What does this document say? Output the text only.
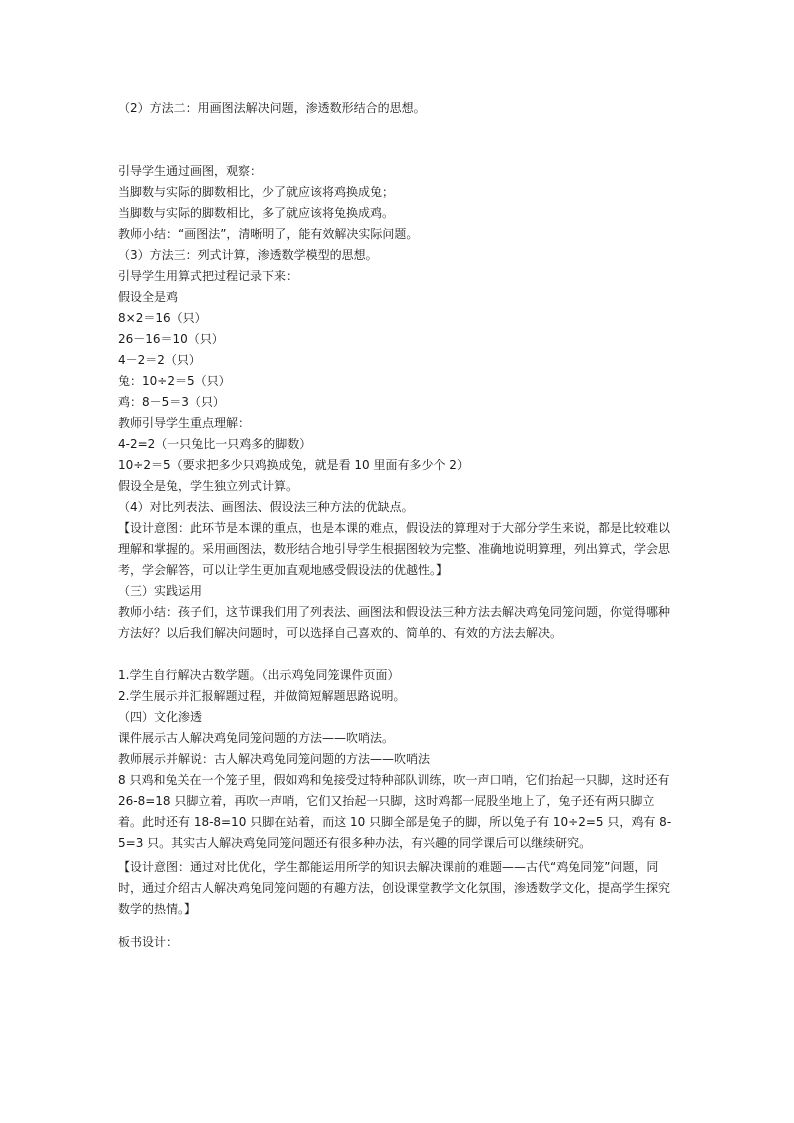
（2）方法二：用画图法解决问题，渗透数形结合的思想。
引导学生通过画图，观察：
当脚数与实际的脚数相比，少了就应该将鸡换成兔；
当脚数与实际的脚数相比，多了就应该将兔换成鸡。
教师小结：“画图法”，清晰明了，能有效解决实际问题。
（3）方法三：列式计算，渗透数学模型的思想。
引导学生用算式把过程记录下来：
假设全是鸡
8×2＝16（只）
26－16＝10（只）
4－2＝2（只）
兔：10÷2＝5（只）
鸡：8－5＝3（只）
教师引导学生重点理解：
4-2=2（一只兔比一只鸡多的脚数）
10÷2＝5（要求把多少只鸡换成兔，就是看 10 里面有多少个 2）
假设全是兔，学生独立列式计算。
（4）对比列表法、画图法、假设法三种方法的优缺点。
【设计意图：此环节是本课的重点，也是本课的难点，假设法的算理对于大部分学生来说，都是比较难以理解和掌握的。采用画图法，数形结合地引导学生根据图较为完整、准确地说明算理，列出算式，学会思考，学会解答，可以让学生更加直观地感受假设法的优越性。】
（三）实践运用
教师小结：孩子们，这节课我们用了列表法、画图法和假设法三种方法去解决鸡兔同笼问题，你觉得哪种方法好？以后我们解决问题时，可以选择自己喜欢的、简单的、有效的方法去解决。
1.学生自行解决古数学题。（出示鸡兔同笼课件页面）
2.学生展示并汇报解题过程，并做简短解题思路说明。
（四）文化渗透
课件展示古人解决鸡兔同笼问题的方法——吹哨法。
教师展示并解说：古人解决鸡兔同笼问题的方法——吹哨法
8 只鸡和兔关在一个笼子里，假如鸡和兔接受过特种部队训练，吹一声口哨，它们抬起一只脚，这时还有 26-8=18 只脚立着，再吹一声哨，它们又抬起一只脚，这时鸡都一屁股坐地上了，兔子还有两只脚立着。此时还有 18-8=10 只脚在站着，而这 10 只脚全部是兔子的脚，所以兔子有 10÷2=5 只，鸡有 8-5=3 只。其实古人解决鸡兔同笼问题还有很多种办法，有兴趣的同学课后可以继续研究。
【设计意图：通过对比优化，学生都能运用所学的知识去解决课前的难题——古代“鸡兔同笼”问题，同时，通过介绍古人解决鸡兔同笼问题的有趣方法，创设课堂教学文化氛围，渗透数学文化，提高学生探究数学的热情。】
板书设计：
